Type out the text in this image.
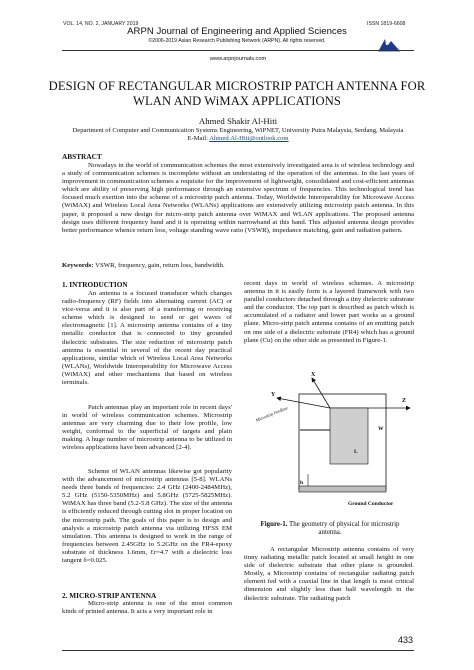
VOL. 14, NO. 2, JANUARY 2019	ISSN 1819-6608
ARPN Journal of Engineering and Applied Sciences
©2006-2019 Asian Research Publishing Network (ARPN). All rights reserved.
www.arpnjournals.com
DESIGN OF RECTANGULAR MICROSTRIP PATCH ANTENNA FOR
WLAN AND WiMAX APPLICATIONS
Ahmed Shakir Al-Hiti
Department of Computer and Communication Systems Engineering, WiPNET, University Putra Malaysia, Serdang, Malaysia
E-Mail: Ahmed.Al-Hiti@outlook.com
ABSTRACT
Nowadays in the world of communication schemes the most extensively investigated area is of wireless technology and a study of communication schemes is incomplete without an understating of the operation of the antennas. In the last years of improvement in communication schemes a requisite for the improvement of lightweight, consolidated and cost-efficient antennas which are ability of preserving high performance through an extensive spectrum of frequencies. This technological trend has focused much exertion into the scheme of a microstrip patch antenna. Today, Worldwide Interoperability for Microwave Access (WiMAX) and Wireless Local Area Networks (WLANs) applications are extensively utilizing microstrip patch antenna. In this paper, it proposed a new design for micro-strip patch antenna over WiMAX and WLAN applications. The proposed antenna design uses different frequency band and it is operating within narrowband at this band. This adjusted antenna design provides better performance whence return loss, voltage standing wave ratio (VSWR), impedance matching, gain and radiation pattern.
Keywords: VSWR, frequency, gain, return loss, bandwidth.
1. INTRODUCTION
An antenna is a focused transducer which changes radio-frequency (RF) fields into alternating current (AC) or vice-versa and it is also part of a transferring or receiving scheme which is designed to send or get waves of electromagnetic [1]. A microstrip antenna contains of a tiny metallic conductor that is connected to tiny grounded dielectric substrates. The size reduction of microstrip patch antenna is essential in several of the recent day practical applications, similar which of Wireless Local Area Networks (WLANs), Worldwide Interoperability for Microwave Access (WiMAX) and other mechanisms that based on wireless terminals.
Patch antennas play an important role in recent days' in world of wireless communication schemes. Microstrip antennas are very charming due to their low profile, low weight, conformal to the superficial of targets and plain making. A huge number of microstrip antenna to be utilized in wireless applications have been advanced [2-4].
Scheme of WLAN antennas likewise got popularity with the advancement of microstrip antennas [5-8]. WLANs needs three bands of frequencies: 2.4 GHz (2400-2484MHz), 5.2 GHz (5150-5350MHz) and 5.8GHz (5725-5825MHz). WiMAX has three band (5.2-5.8 GHz). The size of the antenna is efficiently reduced through cutting slot in proper location on the microstrip path. The goals of this paper is to design and analysis a microstrip patch antenna via utilizing HFSS EM simulation. This antenna is designed to work in the range of frequencies between 2.45GHz to 5.2GHz on the FR4-epoxy substrate of thickness 1.6mm, Ɛr=4.7 with a dielectric loss tangent δ=0.025.
2. MICRO-STRIP ANTENNA
Micro-strip antenna is one of the most common kinds of printed antenna. It acts a very important role in
recent days in world of wireless schemes. A microstrip antenna in it is easily form is a layered framework with two parallel conductors detached through a tiny dielectric substrate and the conductor. The top part is described as patch which is accumulated of a radiator and lower part works as a ground plane. Micro-strip patch antenna contains of an emitting patch on one side of a dielectric substrate (FR4) which has a ground plane (Cu) on the other side as presented in Figure-1.
X
Y
Z
Microstrip Feedline
W
L
h
Ground Conductor
Figure-1. The geometry of physical for microstrip antenna.
A rectangular Microstrip antenna contains of very tinny radiating metallic patch located at small height in one side of dielectric substrate that other plane is grounded. Mostly, a Microstrip contains of rectangular radiating patch element fed with a coaxial line in that length is most critical dimension and slightly less than half wavelength in the dielectric substrate. The radiating patch
433
